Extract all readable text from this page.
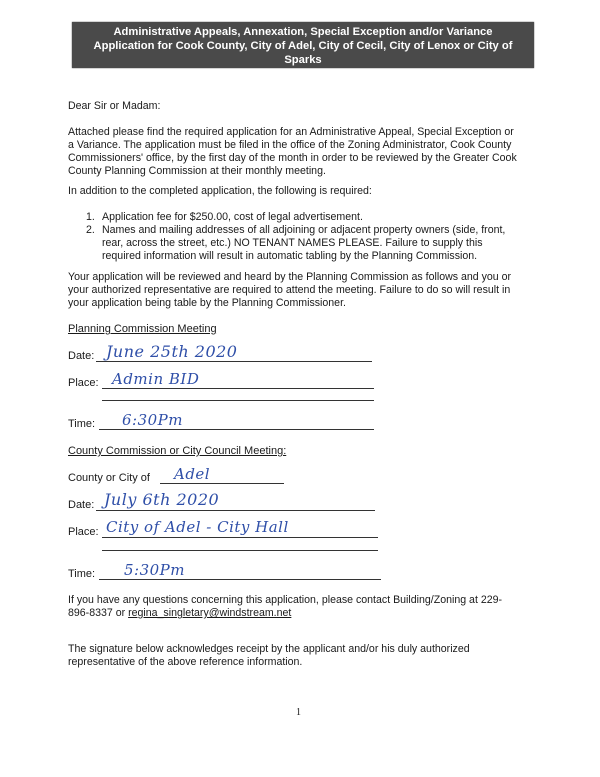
Administrative Appeals, Annexation, Special Exception and/or Variance
Application for Cook County, City of Adel, City of Cecil, City of Lenox or City of
Sparks
Dear Sir or Madam:
Attached please find the required application for an Administrative Appeal, Special Exception or
a Variance. The application must be filed in the office of the Zoning Administrator, Cook County
Commissioners' office, by the first day of the month in order to be reviewed by the Greater Cook
County Planning Commission at their monthly meeting.
In addition to the completed application, the following is required:
1. Application fee for $250.00, cost of legal advertisement.
2. Names and mailing addresses of all adjoining or adjacent property owners (side, front,
rear, across the street, etc.) NO TENANT NAMES PLEASE. Failure to supply this
required information will result in automatic tabling by the Planning Commission.
Your application will be reviewed and heard by the Planning Commission as follows and you or
your authorized representative are required to attend the meeting. Failure to do so will result in
your application being table by the Planning Commissioner.
Planning Commission Meeting
Date: June 25th 2020
Place: Admin BID
Time: 6:30Pm
County Commission or City Council Meeting:
County or City of Adel
Date: July 6th 2020
Place: City of Adel - City Hall
Time: 5:30Pm
If you have any questions concerning this application, please contact Building/Zoning at 229-
896-8337 or regina_singletary@windstream.net
The signature below acknowledges receipt by the applicant and/or his duly authorized
representative of the above reference information.
1
